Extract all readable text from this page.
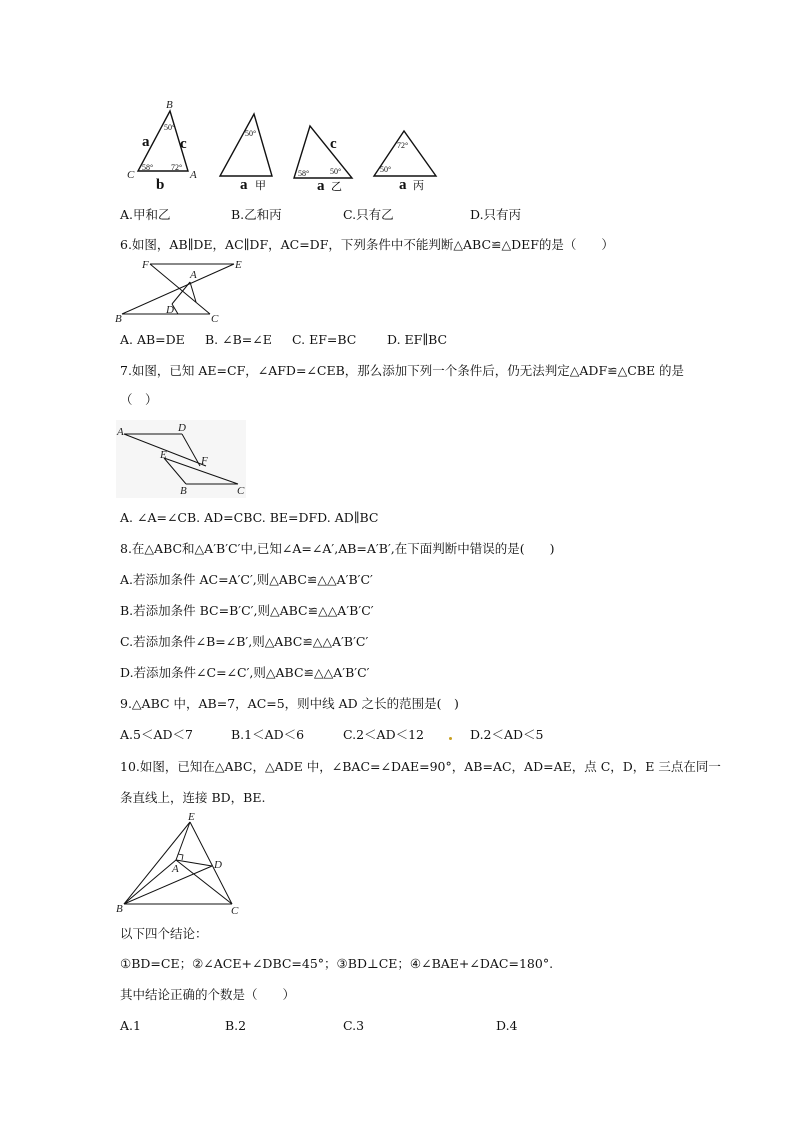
B
C	A
a
b
c
50°
58° 72°
50°
a 甲
c
58°	50°
a 乙
72°
50°
a 丙
A.甲和乙	B.乙和丙	C.只有乙	D.只有丙
6.如图，AB∥DE，AC∥DF，AC=DF，下列条件中不能判断△ABC≌△DEF的是（　　）
F
A
E
D
B	C
A. AB=DE B. ∠B=∠E C. EF=BC D. EF∥BC
7.如图，已知 AE=CF，∠AFD=∠CEB，那么添加下列一个条件后，仍无法判定△ADF≌△CBE 的是
（　）
A	D
E	F
B	C
A. ∠A=∠CB. AD=CBC. BE=DFD. AD∥BC
8.在△ABC和△A′B′C′中,已知∠A=∠A′,AB=A′B′,在下面判断中错误的是(　　)
A.若添加条件 AC=A′C′,则△ABC≌△△A′B′C′
B.若添加条件 BC=B′C′,则△ABC≌△△A′B′C′
C.若添加条件∠B=∠B′,则△ABC≌△△A′B′C′
D.若添加条件∠C=∠C′,则△ABC≌△△A′B′C′
9.△ABC 中，AB=7，AC=5，则中线 AD 之长的范围是(　)
A.5＜AD＜7	B.1＜AD＜6	C.2＜AD＜12	D.2＜AD＜5
10.如图，已知在△ABC，△ADE 中，∠BAC=∠DAE=90°，AB=AC，AD=AE，点 C，D，E 三点在同一
条直线上，连接 BD，BE.
E
D
A
B	C
以下四个结论：
①BD=CE；②∠ACE+∠DBC=45°；③BD⊥CE；④∠BAE+∠DAC=180°.
其中结论正确的个数是（　　）
A.1	B.2	C.3	D.4
